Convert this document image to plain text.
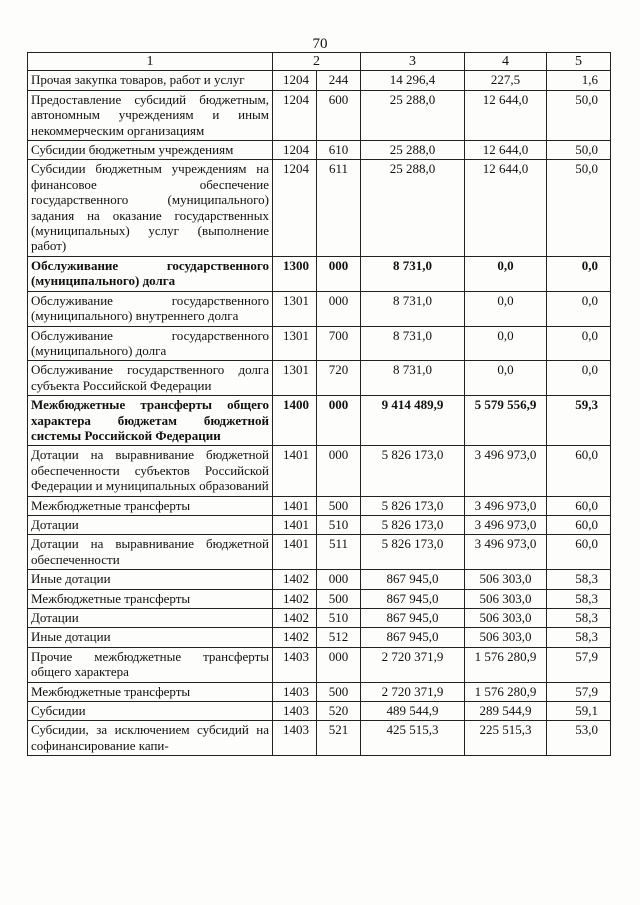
70
1	2		3	4	5
Прочая закупка товаров, работ и услуг	1204	244	14 296,4	227,5	1,6
Предоставление субсидий бюджетным, автономным учреждениям и иным некоммерческим организациям	1204	600	25 288,0	12 644,0	50,0
Субсидии бюджетным учреждениям	1204	610	25 288,0	12 644,0	50,0
Субсидии бюджетным учреждениям на финансовое обеспечение государственного (муниципального) задания на оказание государственных (муниципальных) услуг (выполнение работ)	1204	611	25 288,0	12 644,0	50,0
Обслуживание государственного (муниципального) долга	1300	000	8 731,0	0,0	0,0
Обслуживание государственного (муниципального) внутреннего долга	1301	000	8 731,0	0,0	0,0
Обслуживание государственного (муниципального) долга	1301	700	8 731,0	0,0	0,0
Обслуживание государственного долга субъекта Российской Федерации	1301	720	8 731,0	0,0	0,0
Межбюджетные трансферты общего характера бюджетам бюджетной системы Российской Федерации	1400	000	9 414 489,9	5 579 556,9	59,3
Дотации на выравнивание бюджетной обеспеченности субъектов Российской Федерации и муниципальных образований	1401	000	5 826 173,0	3 496 973,0	60,0
Межбюджетные трансферты	1401	500	5 826 173,0	3 496 973,0	60,0
Дотации	1401	510	5 826 173,0	3 496 973,0	60,0
Дотации на выравнивание бюджетной обеспеченности	1401	511	5 826 173,0	3 496 973,0	60,0
Иные дотации	1402	000	867 945,0	506 303,0	58,3
Межбюджетные трансферты	1402	500	867 945,0	506 303,0	58,3
Дотации	1402	510	867 945,0	506 303,0	58,3
Иные дотации	1402	512	867 945,0	506 303,0	58,3
Прочие межбюджетные трансферты общего характера	1403	000	2 720 371,9	1 576 280,9	57,9
Межбюджетные трансферты	1403	500	2 720 371,9	1 576 280,9	57,9
Субсидии	1403	520	489 544,9	289 544,9	59,1
Субсидии, за исключением субсидий на софинансирование капи-	1403	521	425 515,3	225 515,3	53,0
